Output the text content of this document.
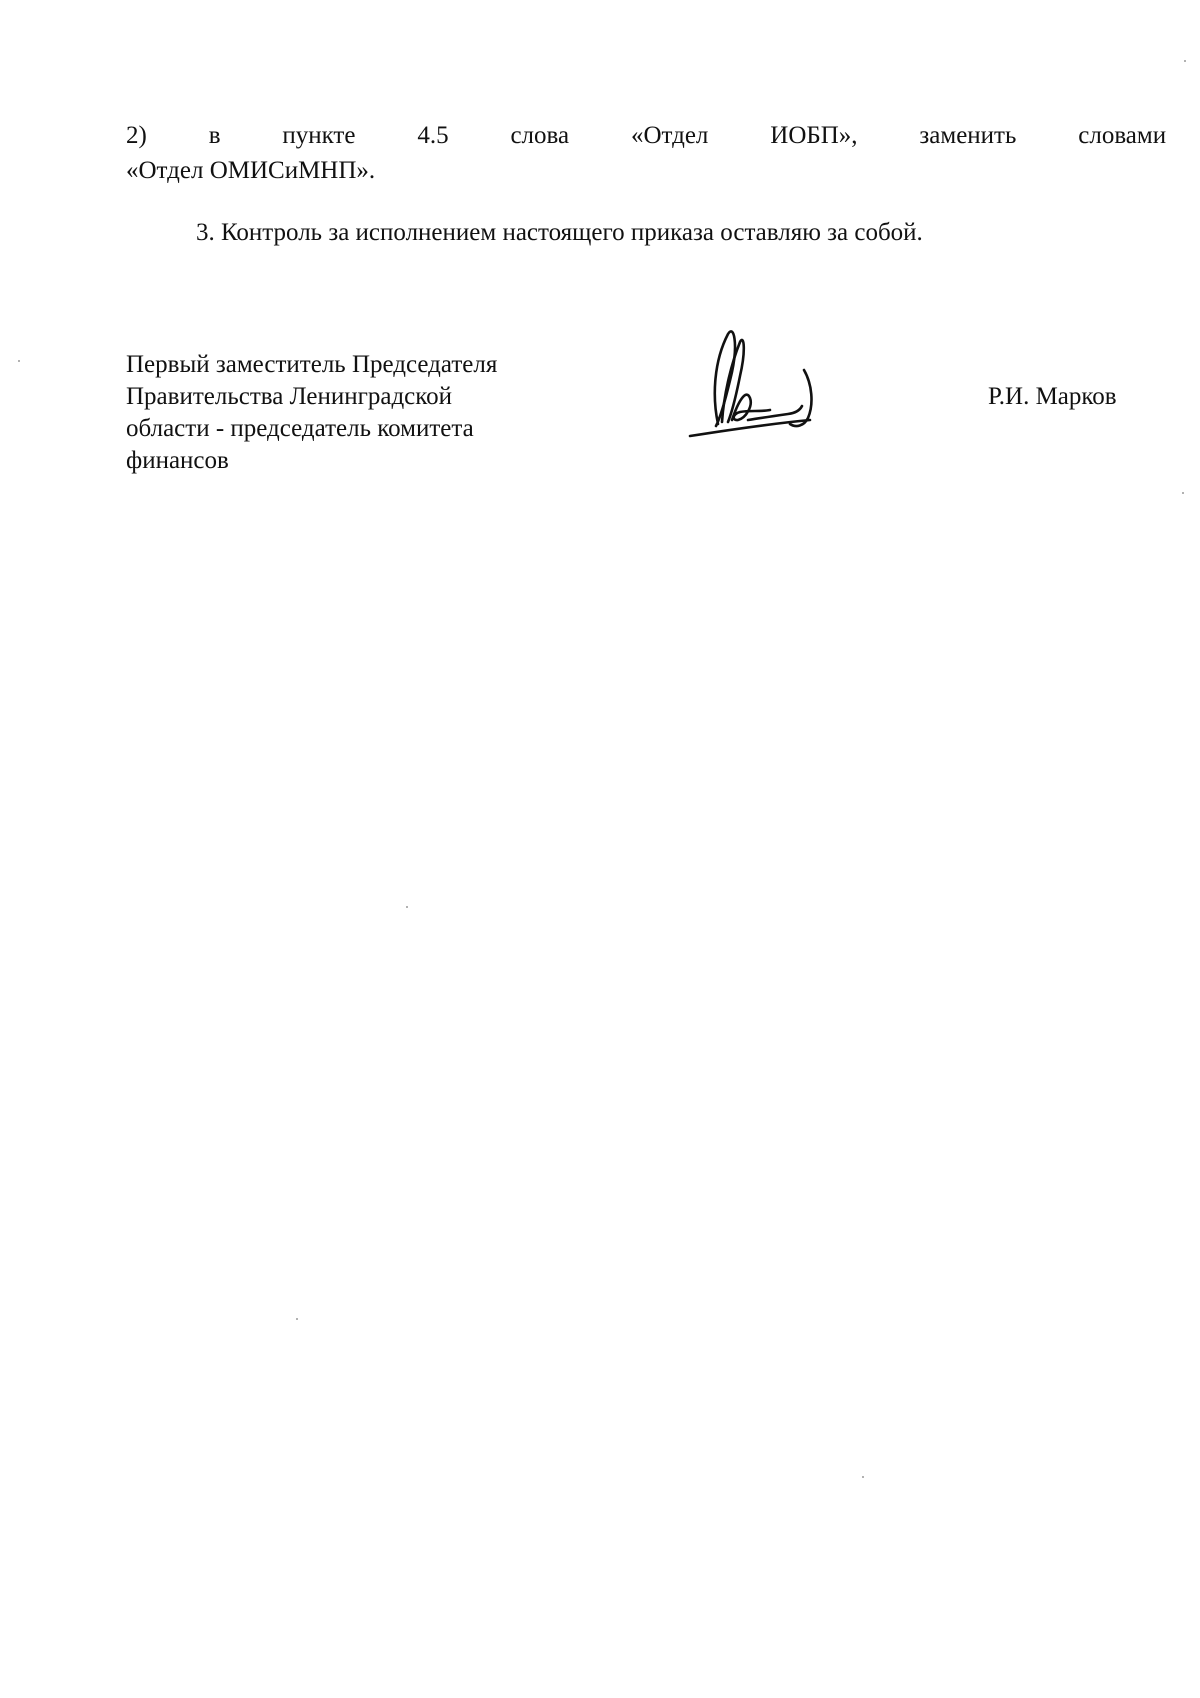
2) в пункте 4.5 слова «Отдел ИОБП», заменить словами
«Отдел ОМИСиМНП».
3. Контроль за исполнением настоящего приказа оставляю за собой.
Первый заместитель Председателя
Правительства Ленинградской
области - председатель комитета
финансов
Р.И. Марков
